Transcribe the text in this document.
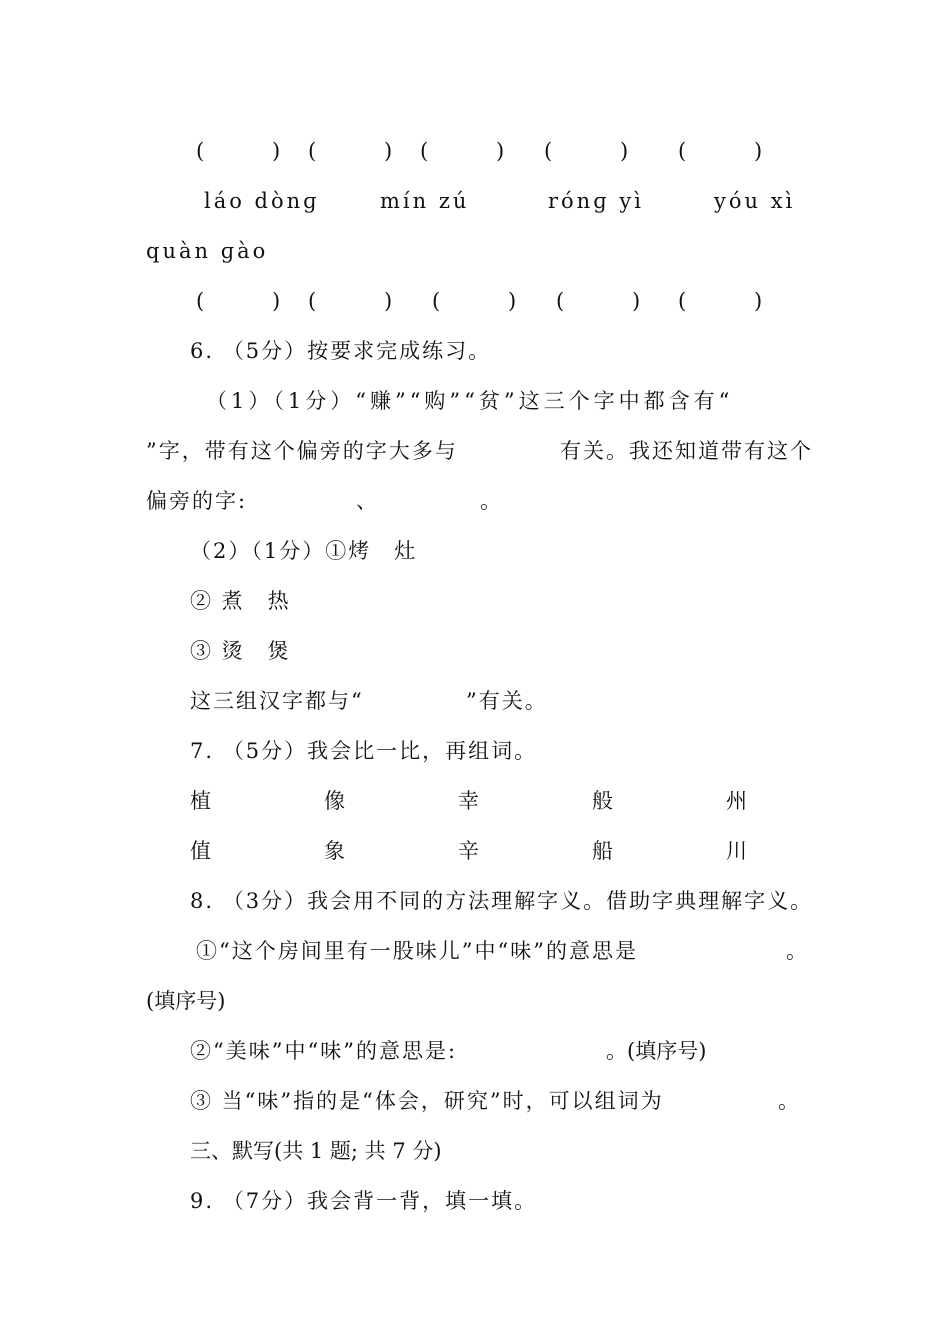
(	) (	) (	) (	) (	)
láo dònɡ	mín zú	rónɡ yì	yóu xì
quàn ɡào
(	) (	) (	) (	) (	)
6. （5分）按要求完成练习。
（1）（1分）“赚”“购”“贫”这三个字中都含有“
”字，带有这个偏旁的字大多与	有关。我还知道带有这个
偏旁的字:	、	。
（2）（1分）①烤　灶
② 煮　热
③ 烫　煲
这三组汉字都与“	”有关。
7. （5分）我会比一比，再组词。
植	像	幸	般	州
值	象	辛	船	川
8. （3分）我会用不同的方法理解字义。借助字典理解字义。
①“这个房间里有一股味儿”中“味”的意思是	。
(填序号)
②“美味”中“味”的意思是:	。(填序号)
③ 当“味”指的是“体会，研究”时，可以组词为	。
三、默写(共 1 题; 共 7 分)
9. （7分）我会背一背，填一填。
